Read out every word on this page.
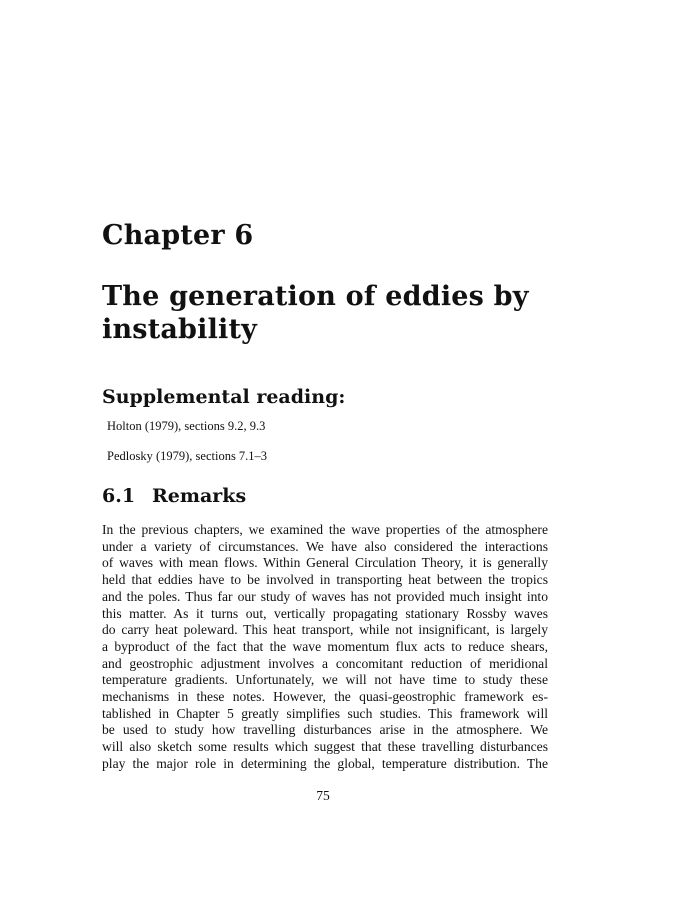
Chapter 6
The generation of eddies by instability
Supplemental reading:

Holton (1979), sections 9.2, 9.3

Pedlosky (1979), sections 7.1–3

6.1 Remarks
In the previous chapters, we examined the wave properties of the atmosphere
under a variety of circumstances. We have also considered the interactions
of waves with mean flows. Within General Circulation Theory, it is generally
held that eddies have to be involved in transporting heat between the tropics
and the poles. Thus far our study of waves has not provided much insight into
this matter. As it turns out, vertically propagating stationary Rossby waves
do carry heat poleward. This heat transport, while not insignificant, is largely
a byproduct of the fact that the wave momentum flux acts to reduce shears,
and geostrophic adjustment involves a concomitant reduction of meridional
temperature gradients. Unfortunately, we will not have time to study these
mechanisms in these notes. However, the quasi-geostrophic framework es-
tablished in Chapter 5 greatly simplifies such studies. This framework will
be used to study how travelling disturbances arise in the atmosphere. We
will also sketch some results which suggest that these travelling disturbances
play the major role in determining the global, temperature distribution. The

75
